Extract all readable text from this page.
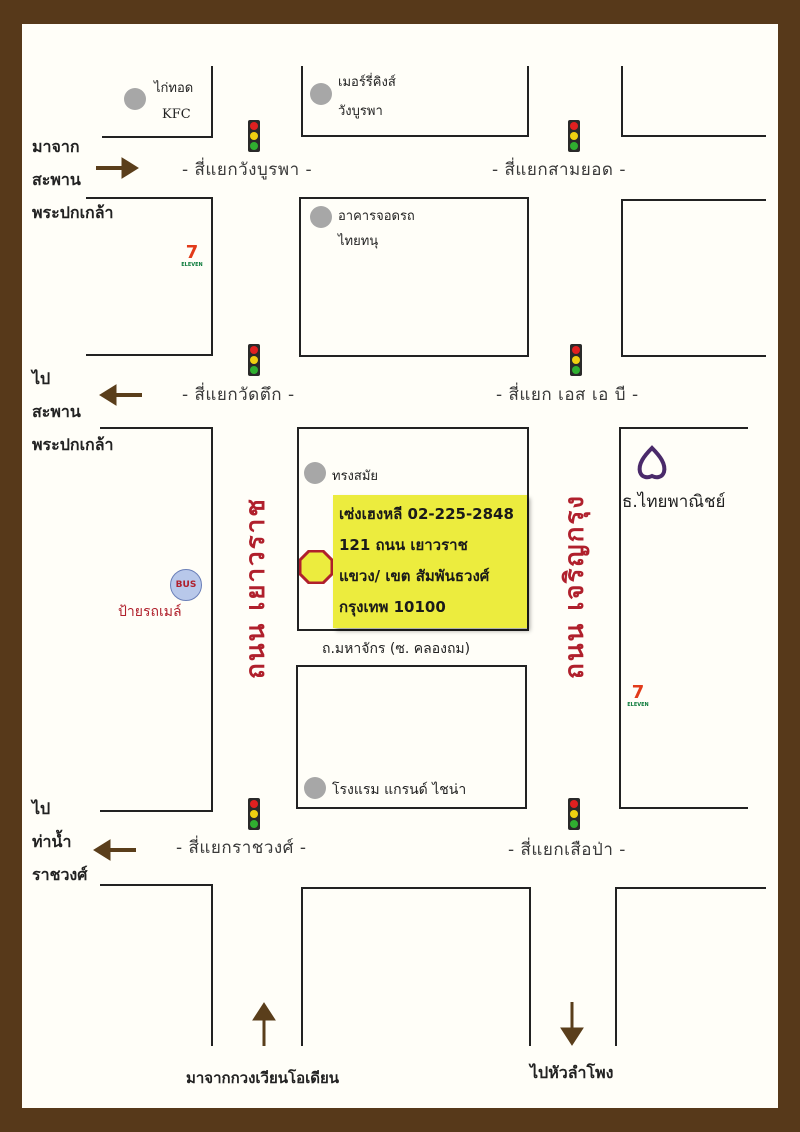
มาจาก
สะพาน
พระปกเกล้า
ไป
สะพาน
พระปกเกล้า
ไป
ท่าน้ำ
ราชวงศ์
- สี่แยกวังบูรพา -	- สี่แยกสามยอด -
- สี่แยกวัดตึก -	- สี่แยก เอส เอ บี -
- สี่แยกราชวงศ์ -	- สี่แยกเสือป่า -
ถนน เยาวราช	ถนน เจริญกรุง
ถ.มหาจักร (ซ. คลองถม)
ไก่ทอด
KFC
เมอร์รี่คิงส์
วังบูรพา
อาคารจอดรถ
ไทยทนุ
ทรงสมัย
โรงแรม แกรนด์ ไชน่า
ธ.ไทยพาณิชย์
BUS
ป้ายรถเมล์
7
ELEVEN
7
ELEVEN
เซ่งเฮงหลี 02-225-2848
121 ถนน เยาวราช
แขวง/ เขต สัมพันธวงศ์
กรุงเทพ 10100
มาจากกวงเวียนโอเดียน	ไปหัวลำโพง
